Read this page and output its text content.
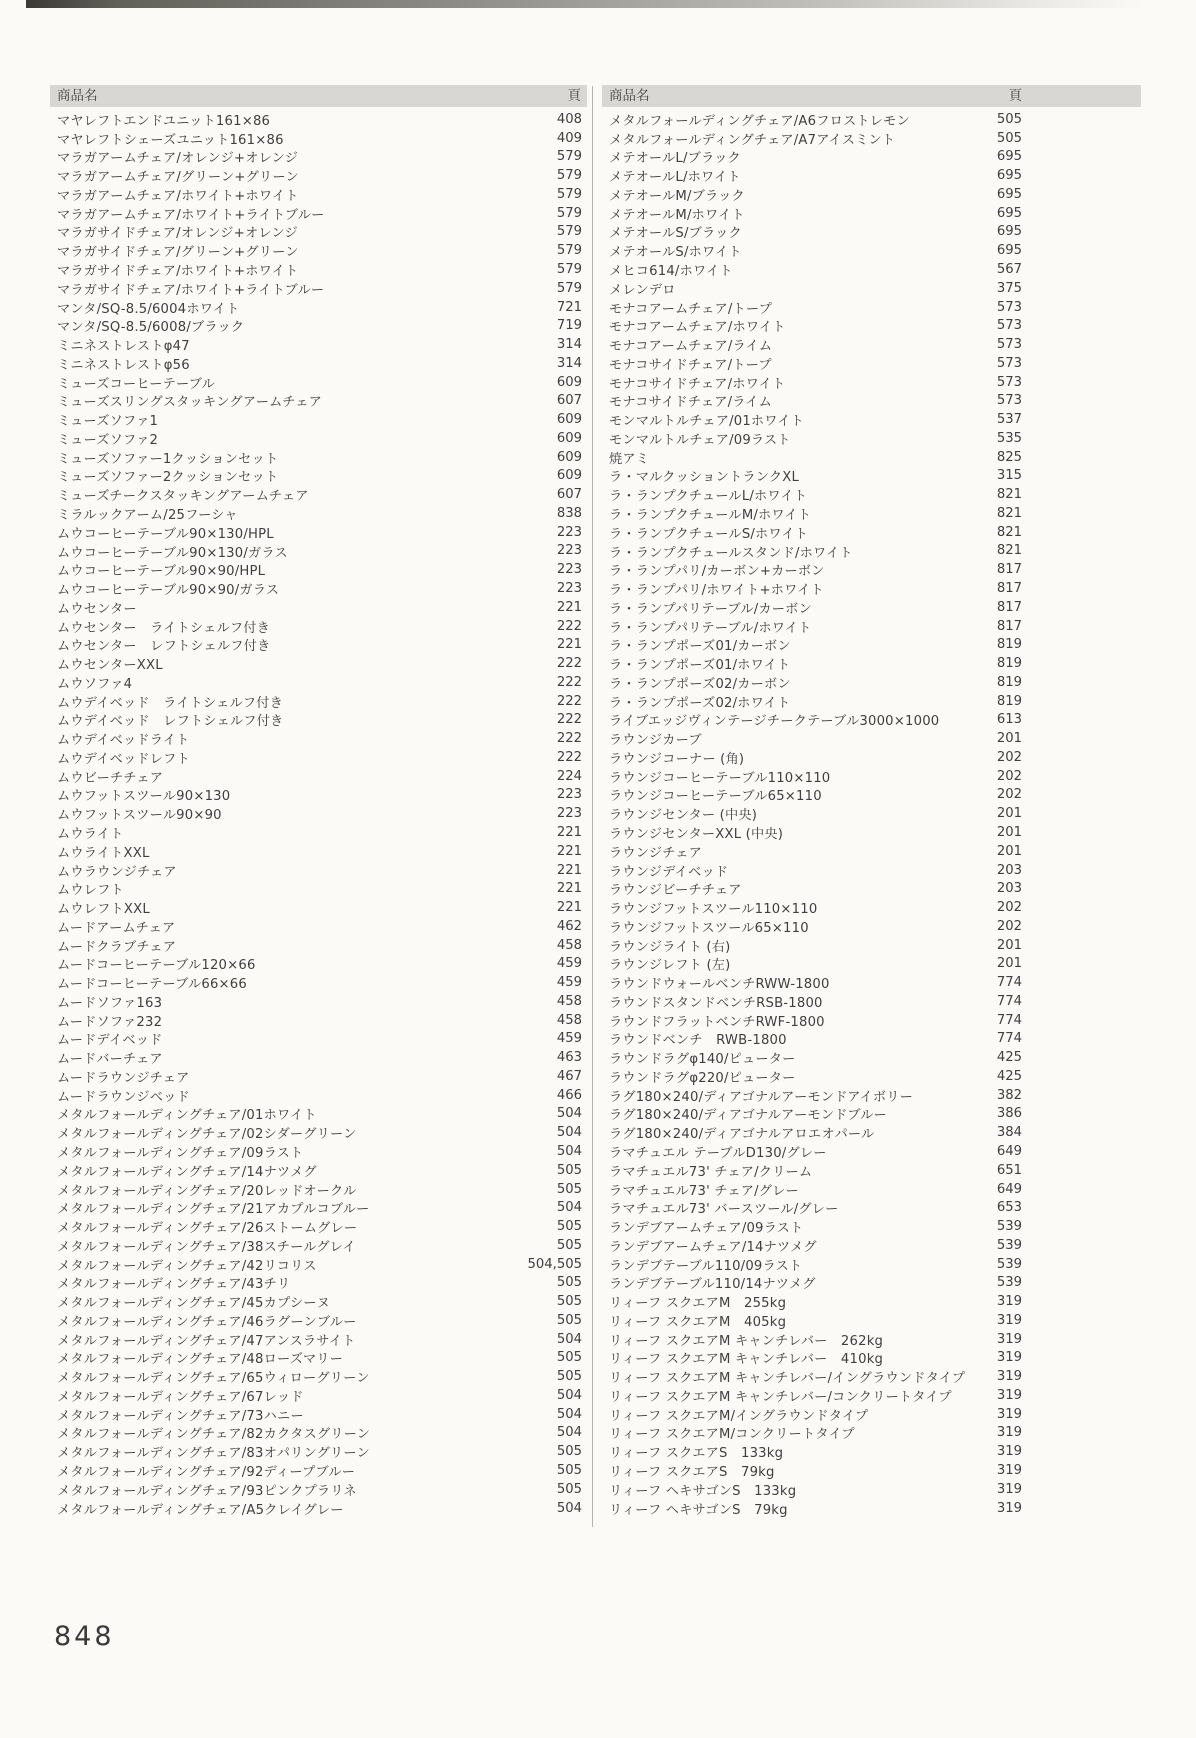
商品名	頁
マヤレフトエンドユニット161×86	408
マヤレフトシェーズユニット161×86	409
マラガアームチェア/オレンジ+オレンジ	579
マラガアームチェア/グリーン+グリーン	579
マラガアームチェア/ホワイト+ホワイト	579
マラガアームチェア/ホワイト+ライトブルー	579
マラガサイドチェア/オレンジ+オレンジ	579
マラガサイドチェア/グリーン+グリーン	579
マラガサイドチェア/ホワイト+ホワイト	579
マラガサイドチェア/ホワイト+ライトブルー	579
マンタ/SQ-8.5/6004ホワイト	721
マンタ/SQ-8.5/6008/ブラック	719
ミニネストレストφ47	314
ミニネストレストφ56	314
ミューズコーヒーテーブル	609
ミューズスリングスタッキングアームチェア	607
ミューズソファ1	609
ミューズソファ2	609
ミューズソファー1クッションセット	609
ミューズソファー2クッションセット	609
ミューズチークスタッキングアームチェア	607
ミラルックアーム/25フーシャ	838
ムウコーヒーテーブル90×130/HPL	223
ムウコーヒーテーブル90×130/ガラス	223
ムウコーヒーテーブル90×90/HPL	223
ムウコーヒーテーブル90×90/ガラス	223
ムウセンター	221
ムウセンター　ライトシェルフ付き	222
ムウセンター　レフトシェルフ付き	221
ムウセンターXXL	222
ムウソファ4	222
ムウデイベッド　ライトシェルフ付き	222
ムウデイベッド　レフトシェルフ付き	222
ムウデイベッドライト	222
ムウデイベッドレフト	222
ムウビーチチェア	224
ムウフットスツール90×130	223
ムウフットスツール90×90	223
ムウライト	221
ムウライトXXL	221
ムウラウンジチェア	221
ムウレフト	221
ムウレフトXXL	221
ムードアームチェア	462
ムードクラブチェア	458
ムードコーヒーテーブル120×66	459
ムードコーヒーテーブル66×66	459
ムードソファ163	458
ムードソファ232	458
ムードデイベッド	459
ムードバーチェア	463
ムードラウンジチェア	467
ムードラウンジベッド	466
メタルフォールディングチェア/01ホワイト	504
メタルフォールディングチェア/02シダーグリーン	504
メタルフォールディングチェア/09ラスト	504
メタルフォールディングチェア/14ナツメグ	505
メタルフォールディングチェア/20レッドオークル	505
メタルフォールディングチェア/21アカプルコブルー	504
メタルフォールディングチェア/26ストームグレー	505
メタルフォールディングチェア/38スチールグレイ	505
メタルフォールディングチェア/42リコリス	504,505
メタルフォールディングチェア/43チリ	505
メタルフォールディングチェア/45カプシーヌ	505
メタルフォールディングチェア/46ラグーンブルー	505
メタルフォールディングチェア/47アンスラサイト	504
メタルフォールディングチェア/48ローズマリー	505
メタルフォールディングチェア/65ウィローグリーン	505
メタルフォールディングチェア/67レッド	504
メタルフォールディングチェア/73ハニー	504
メタルフォールディングチェア/82カクタスグリーン	504
メタルフォールディングチェア/83オパリングリーン	505
メタルフォールディングチェア/92ディープブルー	505
メタルフォールディングチェア/93ピンクプラリネ	505
メタルフォールディングチェア/A5クレイグレー	504
商品名	頁
メタルフォールディングチェア/A6フロストレモン	505
メタルフォールディングチェア/A7アイスミント	505
メテオールL/ブラック	695
メテオールL/ホワイト	695
メテオールM/ブラック	695
メテオールM/ホワイト	695
メテオールS/ブラック	695
メテオールS/ホワイト	695
メヒコ614/ホワイト	567
メレンデロ	375
モナコアームチェア/トープ	573
モナコアームチェア/ホワイト	573
モナコアームチェア/ライム	573
モナコサイドチェア/トープ	573
モナコサイドチェア/ホワイト	573
モナコサイドチェア/ライム	573
モンマルトルチェア/01ホワイト	537
モンマルトルチェア/09ラスト	535
焼アミ	825
ラ・マルクッショントランクXL	315
ラ・ランプクチュールL/ホワイト	821
ラ・ランプクチュールM/ホワイト	821
ラ・ランプクチュールS/ホワイト	821
ラ・ランプクチュールスタンド/ホワイト	821
ラ・ランプパリ/カーボン+カーボン	817
ラ・ランプパリ/ホワイト+ホワイト	817
ラ・ランプパリテーブル/カーボン	817
ラ・ランプパリテーブル/ホワイト	817
ラ・ランプポーズ01/カーボン	819
ラ・ランプポーズ01/ホワイト	819
ラ・ランプポーズ02/カーボン	819
ラ・ランプポーズ02/ホワイト	819
ライブエッジヴィンテージチークテーブル3000×1000	613
ラウンジカーブ	201
ラウンジコーナー (角)	202
ラウンジコーヒーテーブル110×110	202
ラウンジコーヒーテーブル65×110	202
ラウンジセンター (中央)	201
ラウンジセンターXXL (中央)	201
ラウンジチェア	201
ラウンジデイベッド	203
ラウンジビーチチェア	203
ラウンジフットスツール110×110	202
ラウンジフットスツール65×110	202
ラウンジライト (右)	201
ラウンジレフト (左)	201
ラウンドウォールベンチRWW-1800	774
ラウンドスタンドベンチRSB-1800	774
ラウンドフラットベンチRWF-1800	774
ラウンドベンチ　RWB-1800	774
ラウンドラグφ140/ピューター	425
ラウンドラグφ220/ピューター	425
ラグ180×240/ディアゴナルアーモンドアイボリー	382
ラグ180×240/ディアゴナルアーモンドブルー	386
ラグ180×240/ディアゴナルアロエオパール	384
ラマチュエル テーブルD130/グレー	649
ラマチュエル73' チェア/クリーム	651
ラマチュエル73' チェア/グレー	649
ラマチュエル73' バースツール/グレー	653
ランデブアームチェア/09ラスト	539
ランデブアームチェア/14ナツメグ	539
ランデブテーブル110/09ラスト	539
ランデブテーブル110/14ナツメグ	539
リィーフ スクエアM　255kg	319
リィーフ スクエアM　405kg	319
リィーフ スクエアM キャンチレバー　262kg	319
リィーフ スクエアM キャンチレバー　410kg	319
リィーフ スクエアM キャンチレバー/イングラウンドタイプ 319
リィーフ スクエアM キャンチレバー/コンクリートタイプ	319
リィーフ スクエアM/イングラウンドタイプ	319
リィーフ スクエアM/コンクリートタイプ	319
リィーフ スクエアS　133kg	319
リィーフ スクエアS　79kg	319
リィーフ ヘキサゴンS　133kg	319
リィーフ ヘキサゴンS　79kg	319
848
